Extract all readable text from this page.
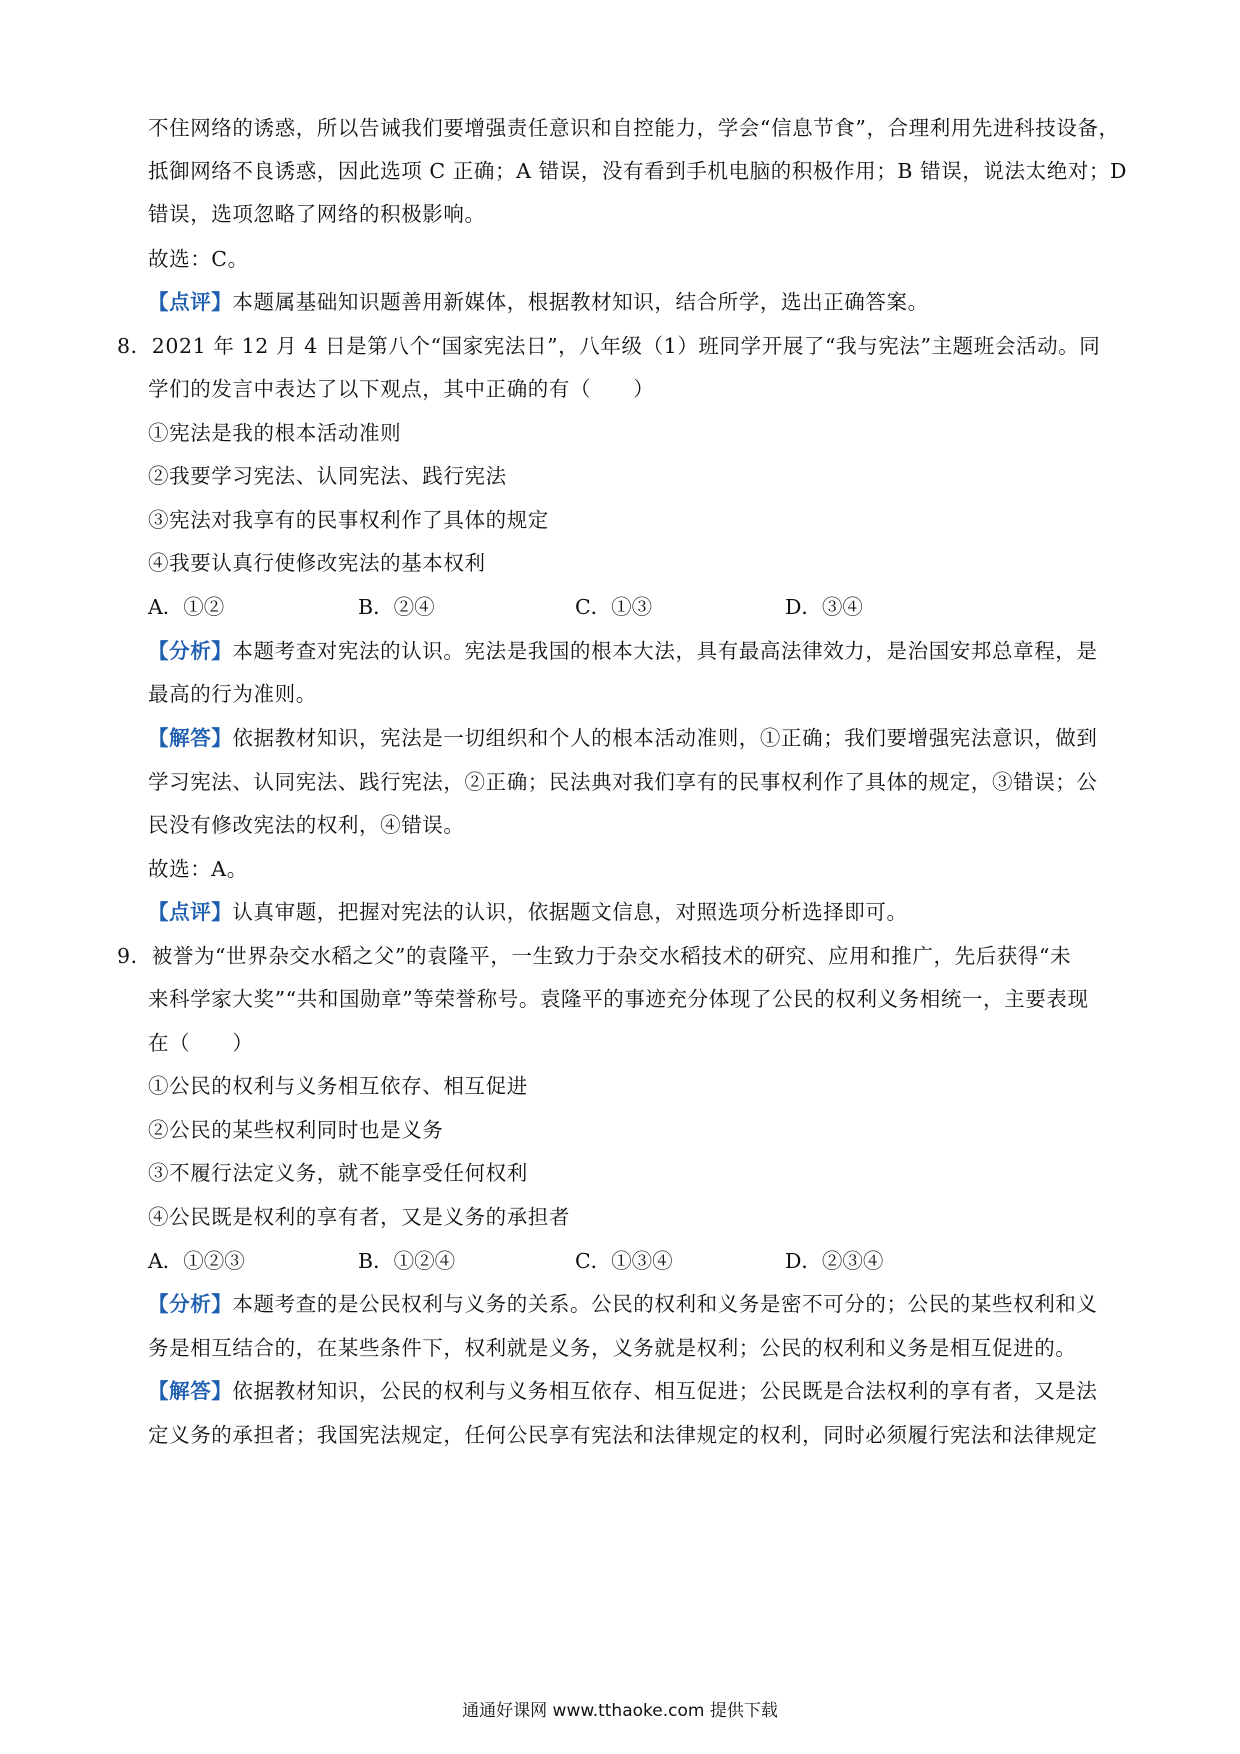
不住网络的诱惑，所以告诫我们要增强责任意识和自控能力，学会“信息节食”，合理利用先进科技设备，
抵御网络不良诱惑，因此选项 C 正确；A 错误，没有看到手机电脑的积极作用；B 错误，说法太绝对；D
错误，选项忽略了网络的积极影响。
故选：C。
【点评】本题属基础知识题善用新媒体，根据教材知识，结合所学，选出正确答案。
8．2021 年 12 月 4 日是第八个“国家宪法日”，八年级（1）班同学开展了“我与宪法”主题班会活动。同
学们的发言中表达了以下观点，其中正确的有（　　）
①宪法是我的根本活动准则
②我要学习宪法、认同宪法、践行宪法
③宪法对我享有的民事权利作了具体的规定
④我要认真行使修改宪法的基本权利
A．①②	B．②④	C．①③	D．③④
【分析】本题考查对宪法的认识。宪法是我国的根本大法，具有最高法律效力，是治国安邦总章程，是
最高的行为准则。
【解答】依据教材知识，宪法是一切组织和个人的根本活动准则，①正确；我们要增强宪法意识，做到
学习宪法、认同宪法、践行宪法，②正确；民法典对我们享有的民事权利作了具体的规定，③错误；公
民没有修改宪法的权利，④错误。
故选：A。
【点评】认真审题，把握对宪法的认识，依据题文信息，对照选项分析选择即可。
9．被誉为“世界杂交水稻之父”的袁隆平，一生致力于杂交水稻技术的研究、应用和推广，先后获得“未
来科学家大奖”“共和国勋章”等荣誉称号。袁隆平的事迹充分体现了公民的权利义务相统一，主要表现
在（　　）
①公民的权利与义务相互依存、相互促进
②公民的某些权利同时也是义务
③不履行法定义务，就不能享受任何权利
④公民既是权利的享有者，又是义务的承担者
A．①②③	B．①②④	C．①③④	D．②③④
【分析】本题考查的是公民权利与义务的关系。公民的权利和义务是密不可分的；公民的某些权利和义
务是相互结合的，在某些条件下，权利就是义务，义务就是权利；公民的权利和义务是相互促进的。
【解答】依据教材知识，公民的权利与义务相互依存、相互促进；公民既是合法权利的享有者，又是法
定义务的承担者；我国宪法规定，任何公民享有宪法和法律规定的权利，同时必须履行宪法和法律规定
通通好课网 www.tthaoke.com 提供下载
